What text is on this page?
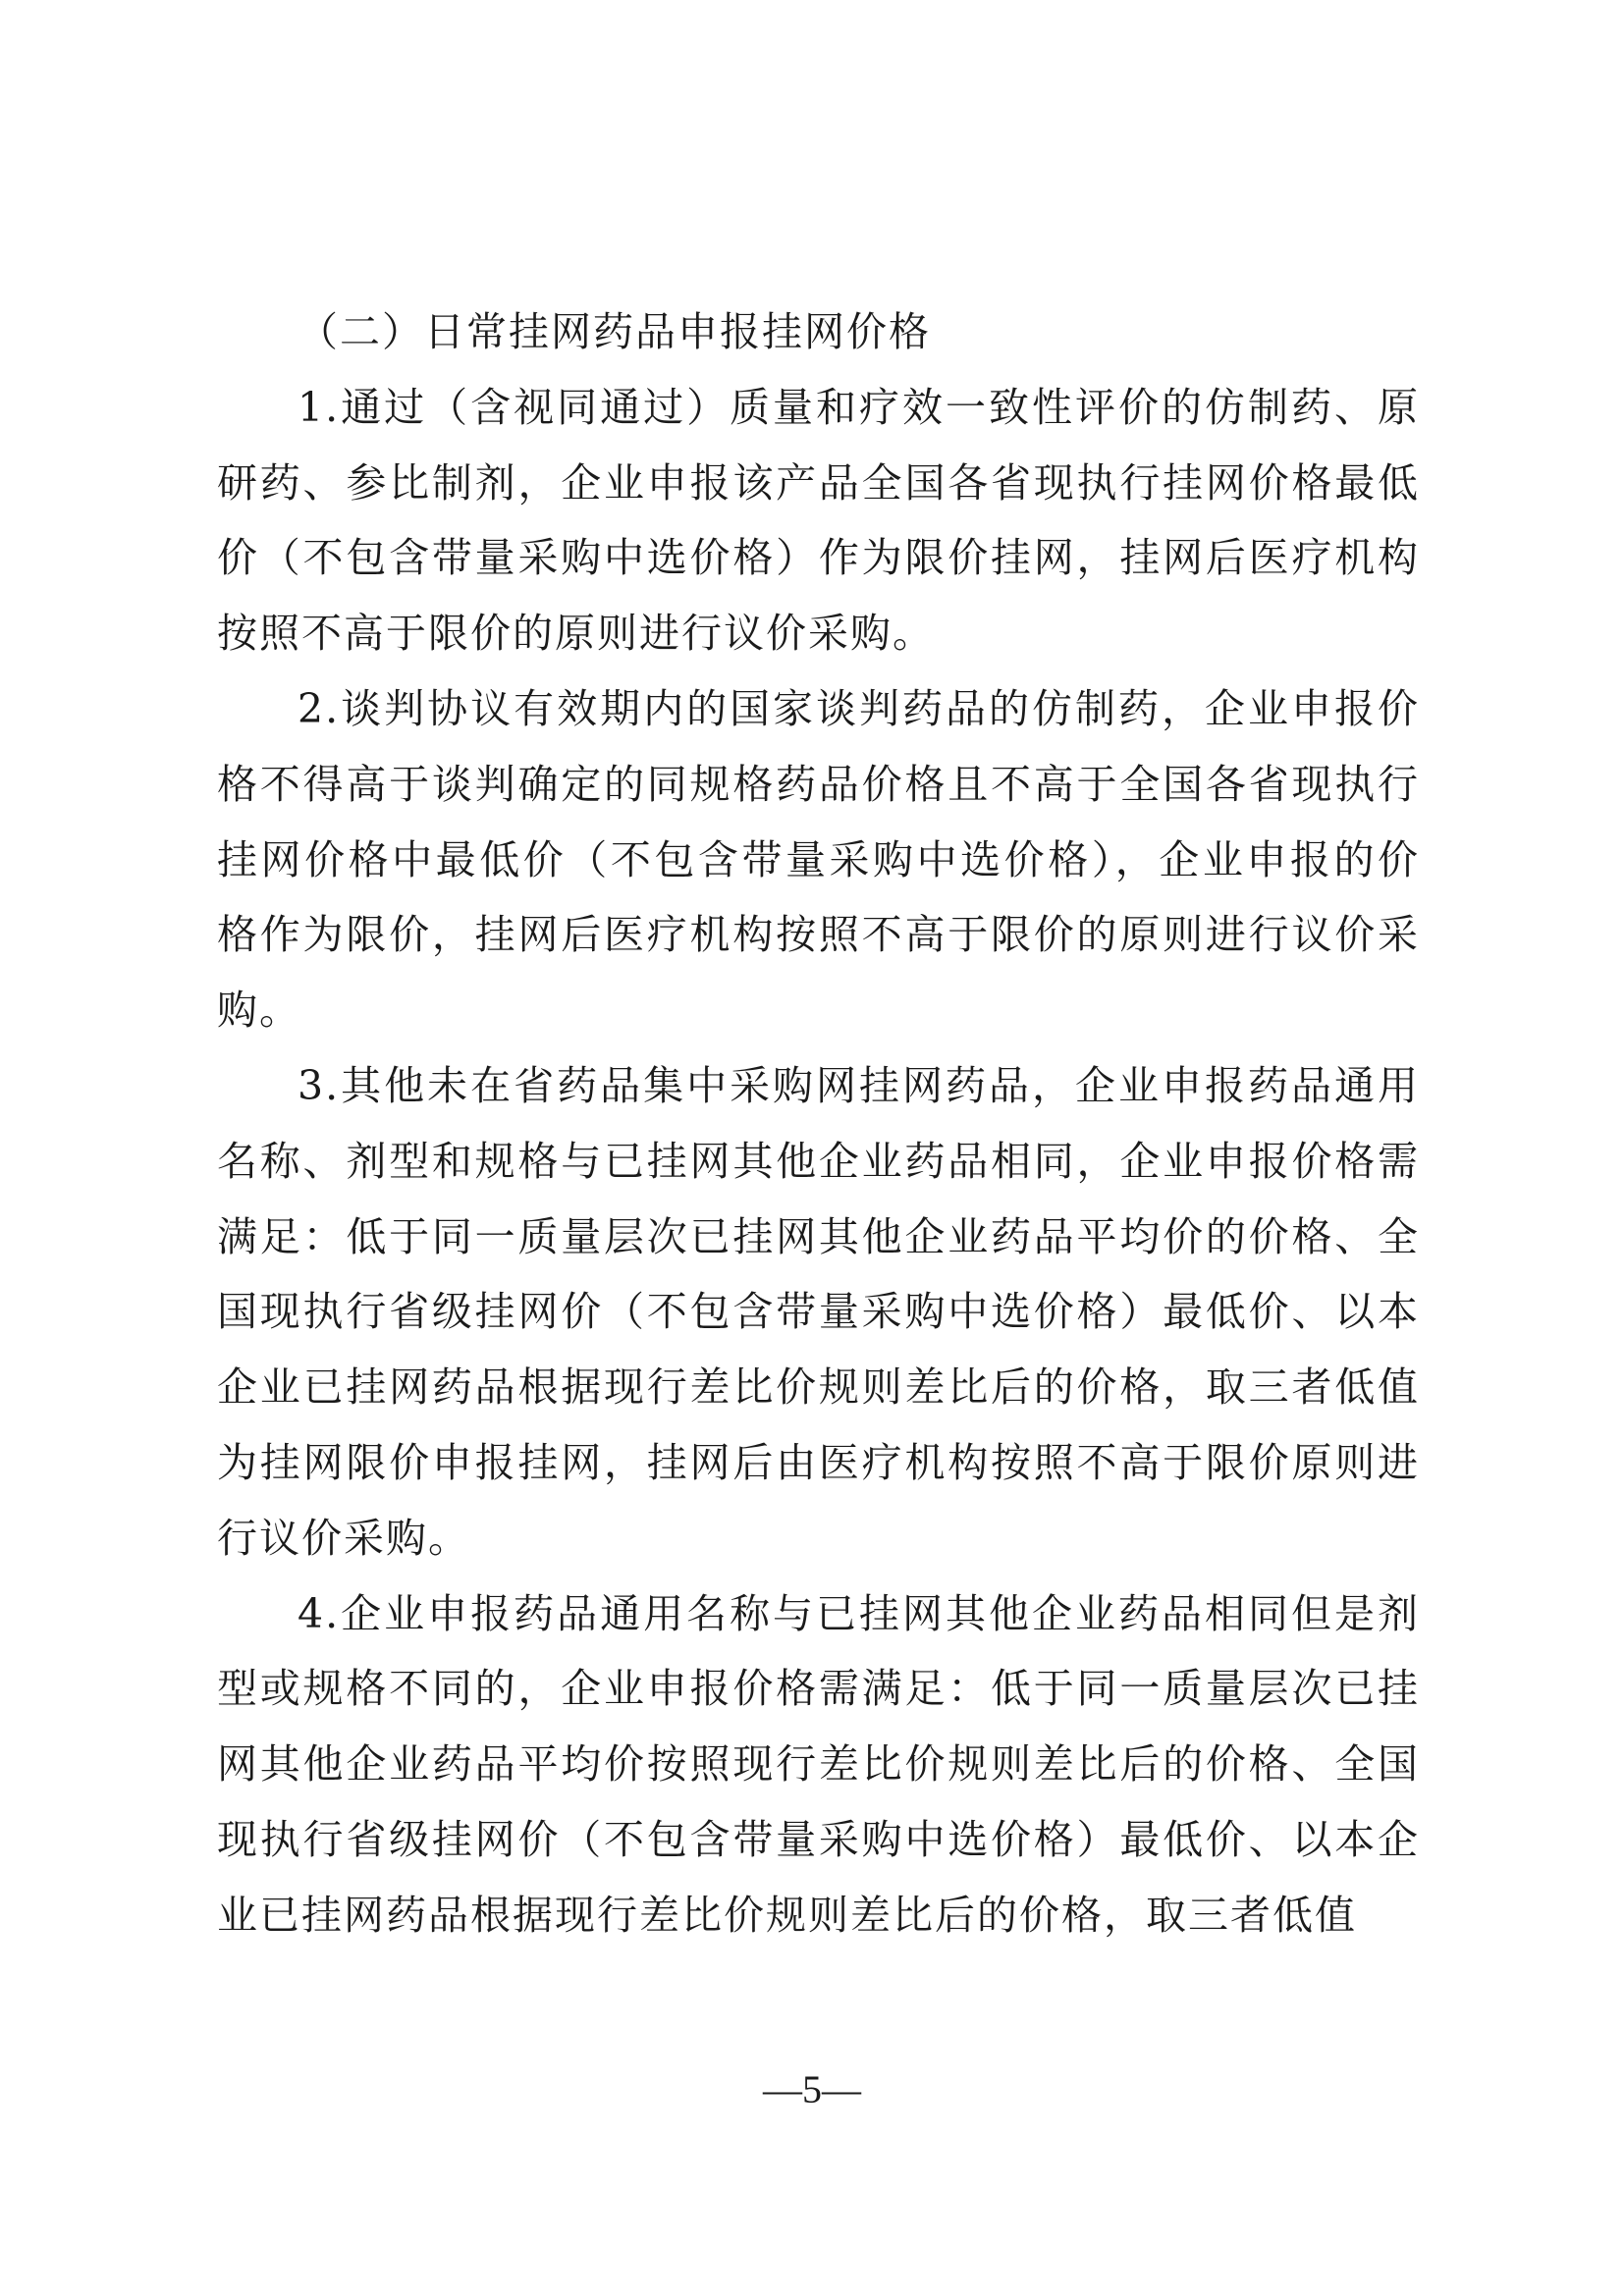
（二）日常挂网药品申报挂网价格

1.通过（含视同通过）质量和疗效一致性评价的仿制药、原研药、参比制剂，企业申报该产品全国各省现执行挂网价格最低价（不包含带量采购中选价格）作为限价挂网，挂网后医疗机构按照不高于限价的原则进行议价采购。

2.谈判协议有效期内的国家谈判药品的仿制药，企业申报价格不得高于谈判确定的同规格药品价格且不高于全国各省现执行挂网价格中最低价（不包含带量采购中选价格），企业申报的价格作为限价，挂网后医疗机构按照不高于限价的原则进行议价采购。

3.其他未在省药品集中采购网挂网药品，企业申报药品通用名称、剂型和规格与已挂网其他企业药品相同，企业申报价格需满足：低于同一质量层次已挂网其他企业药品平均价的价格、全国现执行省级挂网价（不包含带量采购中选价格）最低价、以本企业已挂网药品根据现行差比价规则差比后的价格，取三者低值为挂网限价申报挂网，挂网后由医疗机构按照不高于限价原则进行议价采购。

4.企业申报药品通用名称与已挂网其他企业药品相同但是剂型或规格不同的，企业申报价格需满足：低于同一质量层次已挂网其他企业药品平均价按照现行差比价规则差比后的价格、全国现执行省级挂网价（不包含带量采购中选价格）最低价、以本企业已挂网药品根据现行差比价规则差比后的价格，取三者低值

—5—
